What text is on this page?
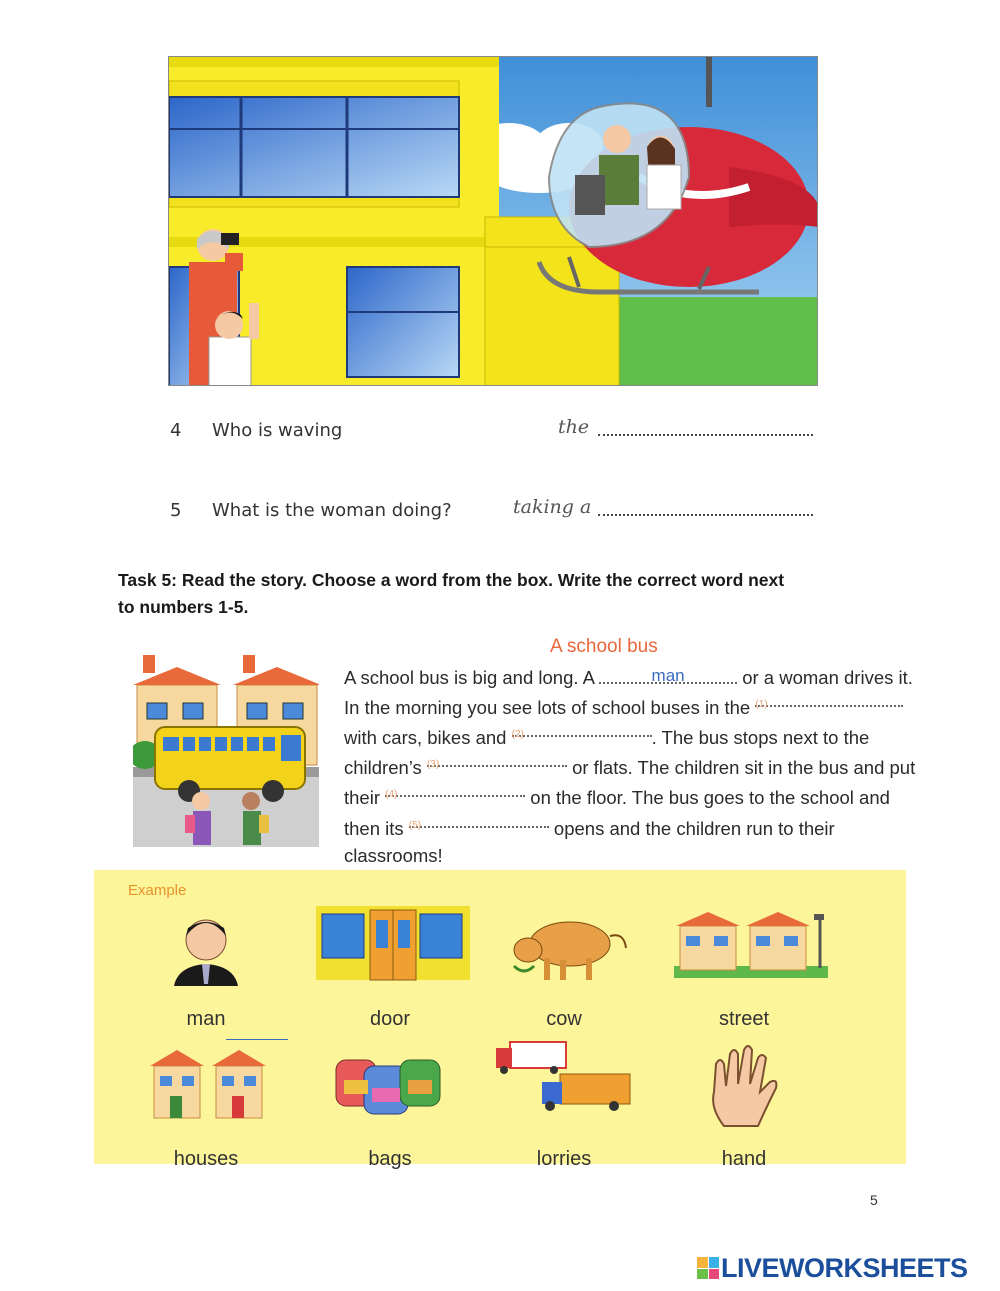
4 Who is waving	the
5 What is the woman doing?	taking a
Task 5: Read the story. Choose a word from the box. Write the correct word next
to numbers 1-5.
A school bus
A school bus is big and long. A	man	or a woman drives it. In the morning you see lots of school buses in the $^{(1)}$ with cars, bikes and $^{(2)}$	. The bus stops next to the children’s $^{(3)}$	or flats. The children sit in the bus and put their $^{(4)}$	on the floor. The bus goes to the school and then its $^{(5)}$	opens and the children run to their classrooms!
Example
man	door	cow	street
houses	bags	lorries	hand
5
LIVEWORKSHEETS
